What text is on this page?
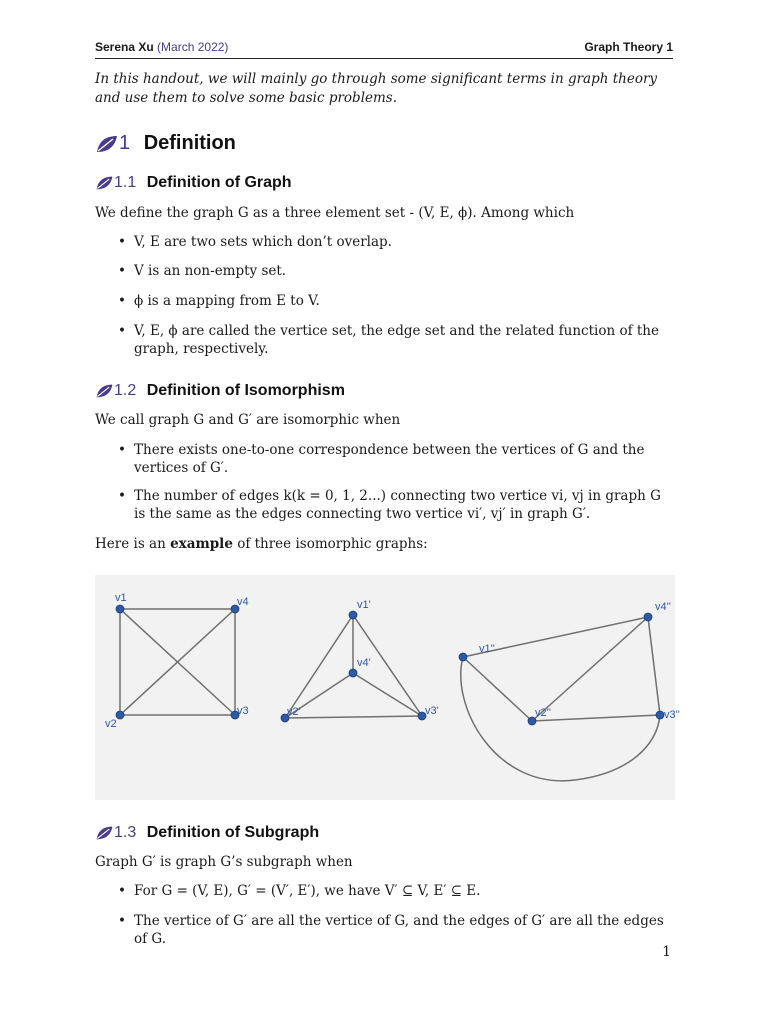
Serena Xu (March 2022)	Graph Theory 1
In this handout, we will mainly go through some significant terms in graph theory and use them to solve some basic problems.
1 Definition
1.1 Definition of Graph
We define the graph G as a three element set - (V, E, ϕ). Among which
• V, E are two sets which don’t overlap.
• V is an non-empty set.
• ϕ is a mapping from E to V.
• V, E, ϕ are called the vertice set, the edge set and the related function of the graph, respectively.
1.2 Definition of Isomorphism
We call graph G and G′ are isomorphic when
• There exists one-to-one correspondence between the vertices of G and the vertices of G′.
• The number of edges k(k = 0, 1, 2...) connecting two vertice vi, vj in graph G is the same as the edges connecting two vertice vi′, vj′ in graph G′.
Here is an example of three isomorphic graphs:
v1	v4
v2
v3
v1'
v4'
v2'	v3'
v1''
v4''
v2''	v3''
1.3 Definition of Subgraph
Graph G′ is graph G’s subgraph when
• For G = (V, E), G′ = (V′, E′), we have V′ ⊆ V, E′ ⊆ E.
• The vertice of G′ are all the vertice of G, and the edges of G′ are all the edges of G.
1
